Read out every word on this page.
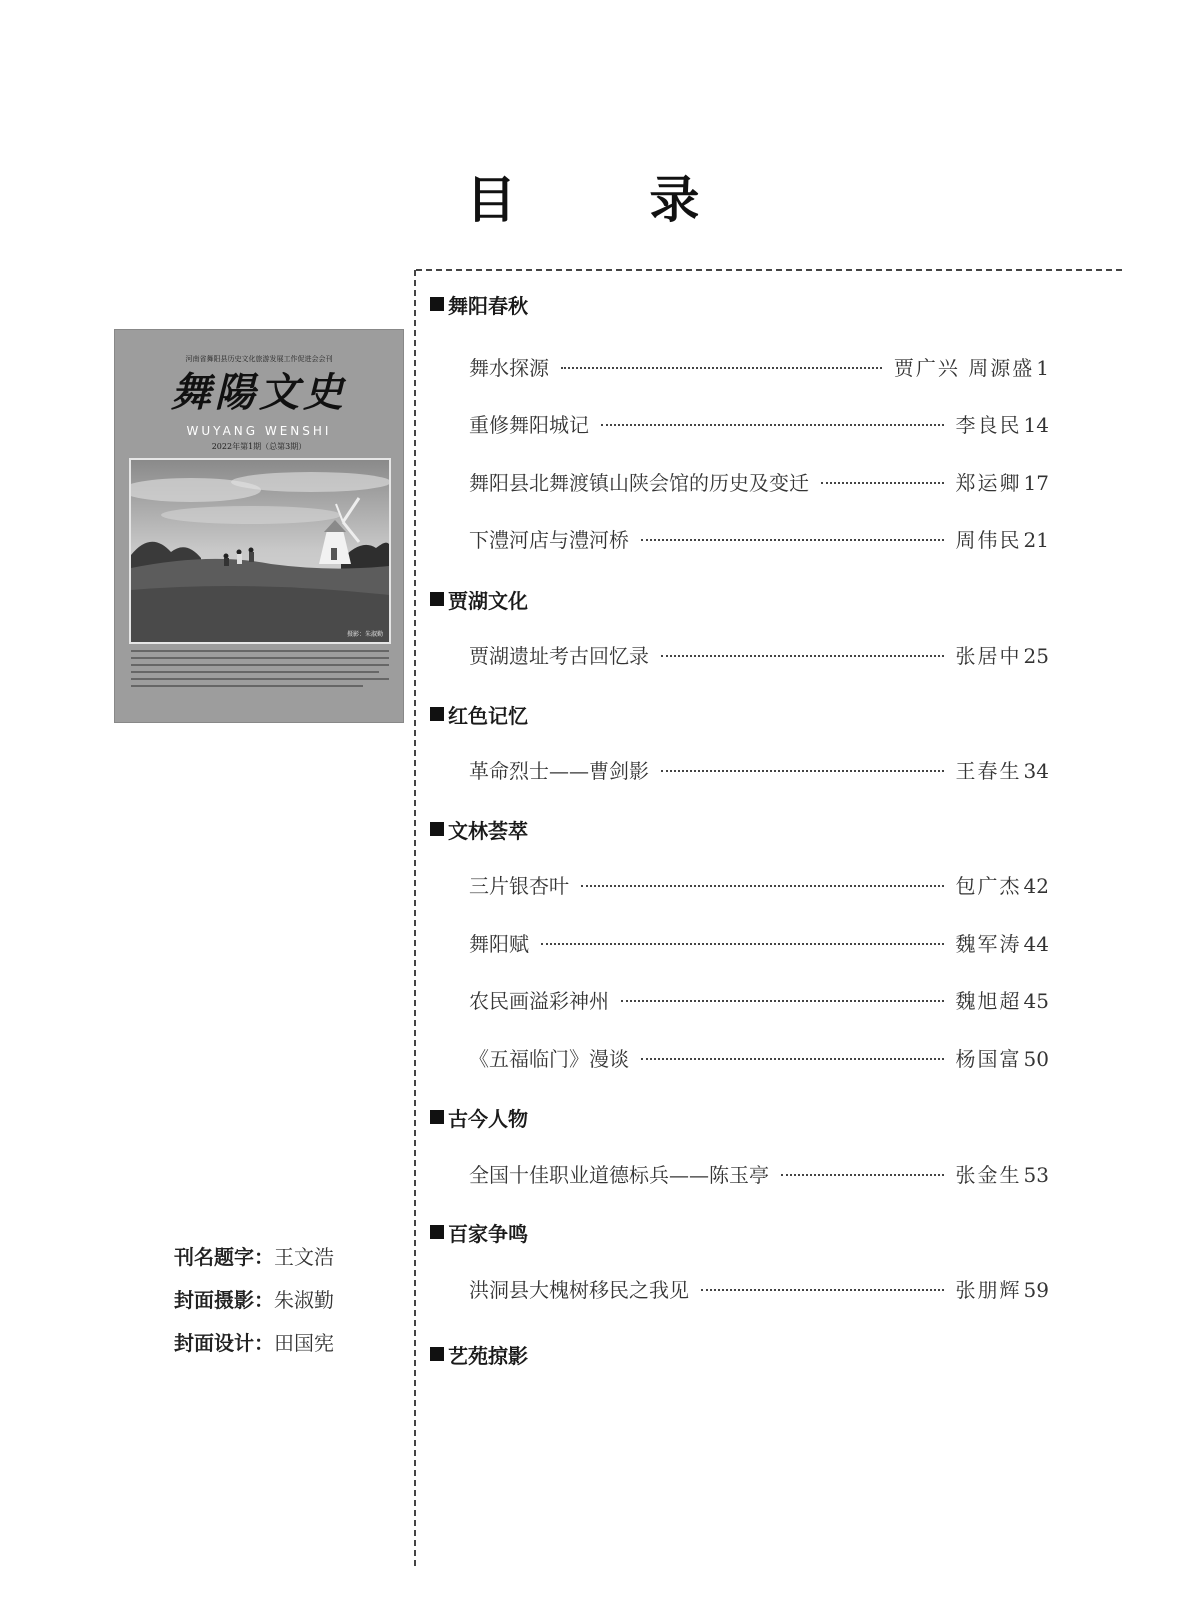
目 录
河南省舞阳县历史文化旅游发展工作促进会会刊
舞陽文史
WUYANG WENSHI
2022年第1期（总第3期）
摄影：朱淑勤
刊名题字： 王文浩
封面摄影： 朱淑勤
封面设计： 田国宪
舞阳春秋
舞水探源	贾广兴 周源盛 1
重修舞阳城记	李良民 14
舞阳县北舞渡镇山陕会馆的历史及变迁	郑运卿 17
下澧河店与澧河桥	周伟民 21
贾湖文化
贾湖遗址考古回忆录	张居中 25
红色记忆
革命烈士——曹剑影	王春生 34
文林荟萃
三片银杏叶	包广杰 42
舞阳赋	魏军涛 44
农民画溢彩神州	魏旭超 45
《五福临门》漫谈	杨国富 50
古今人物
全国十佳职业道德标兵——陈玉亭	张金生 53
百家争鸣
洪洞县大槐树移民之我见	张朋辉 59
艺苑掠影
